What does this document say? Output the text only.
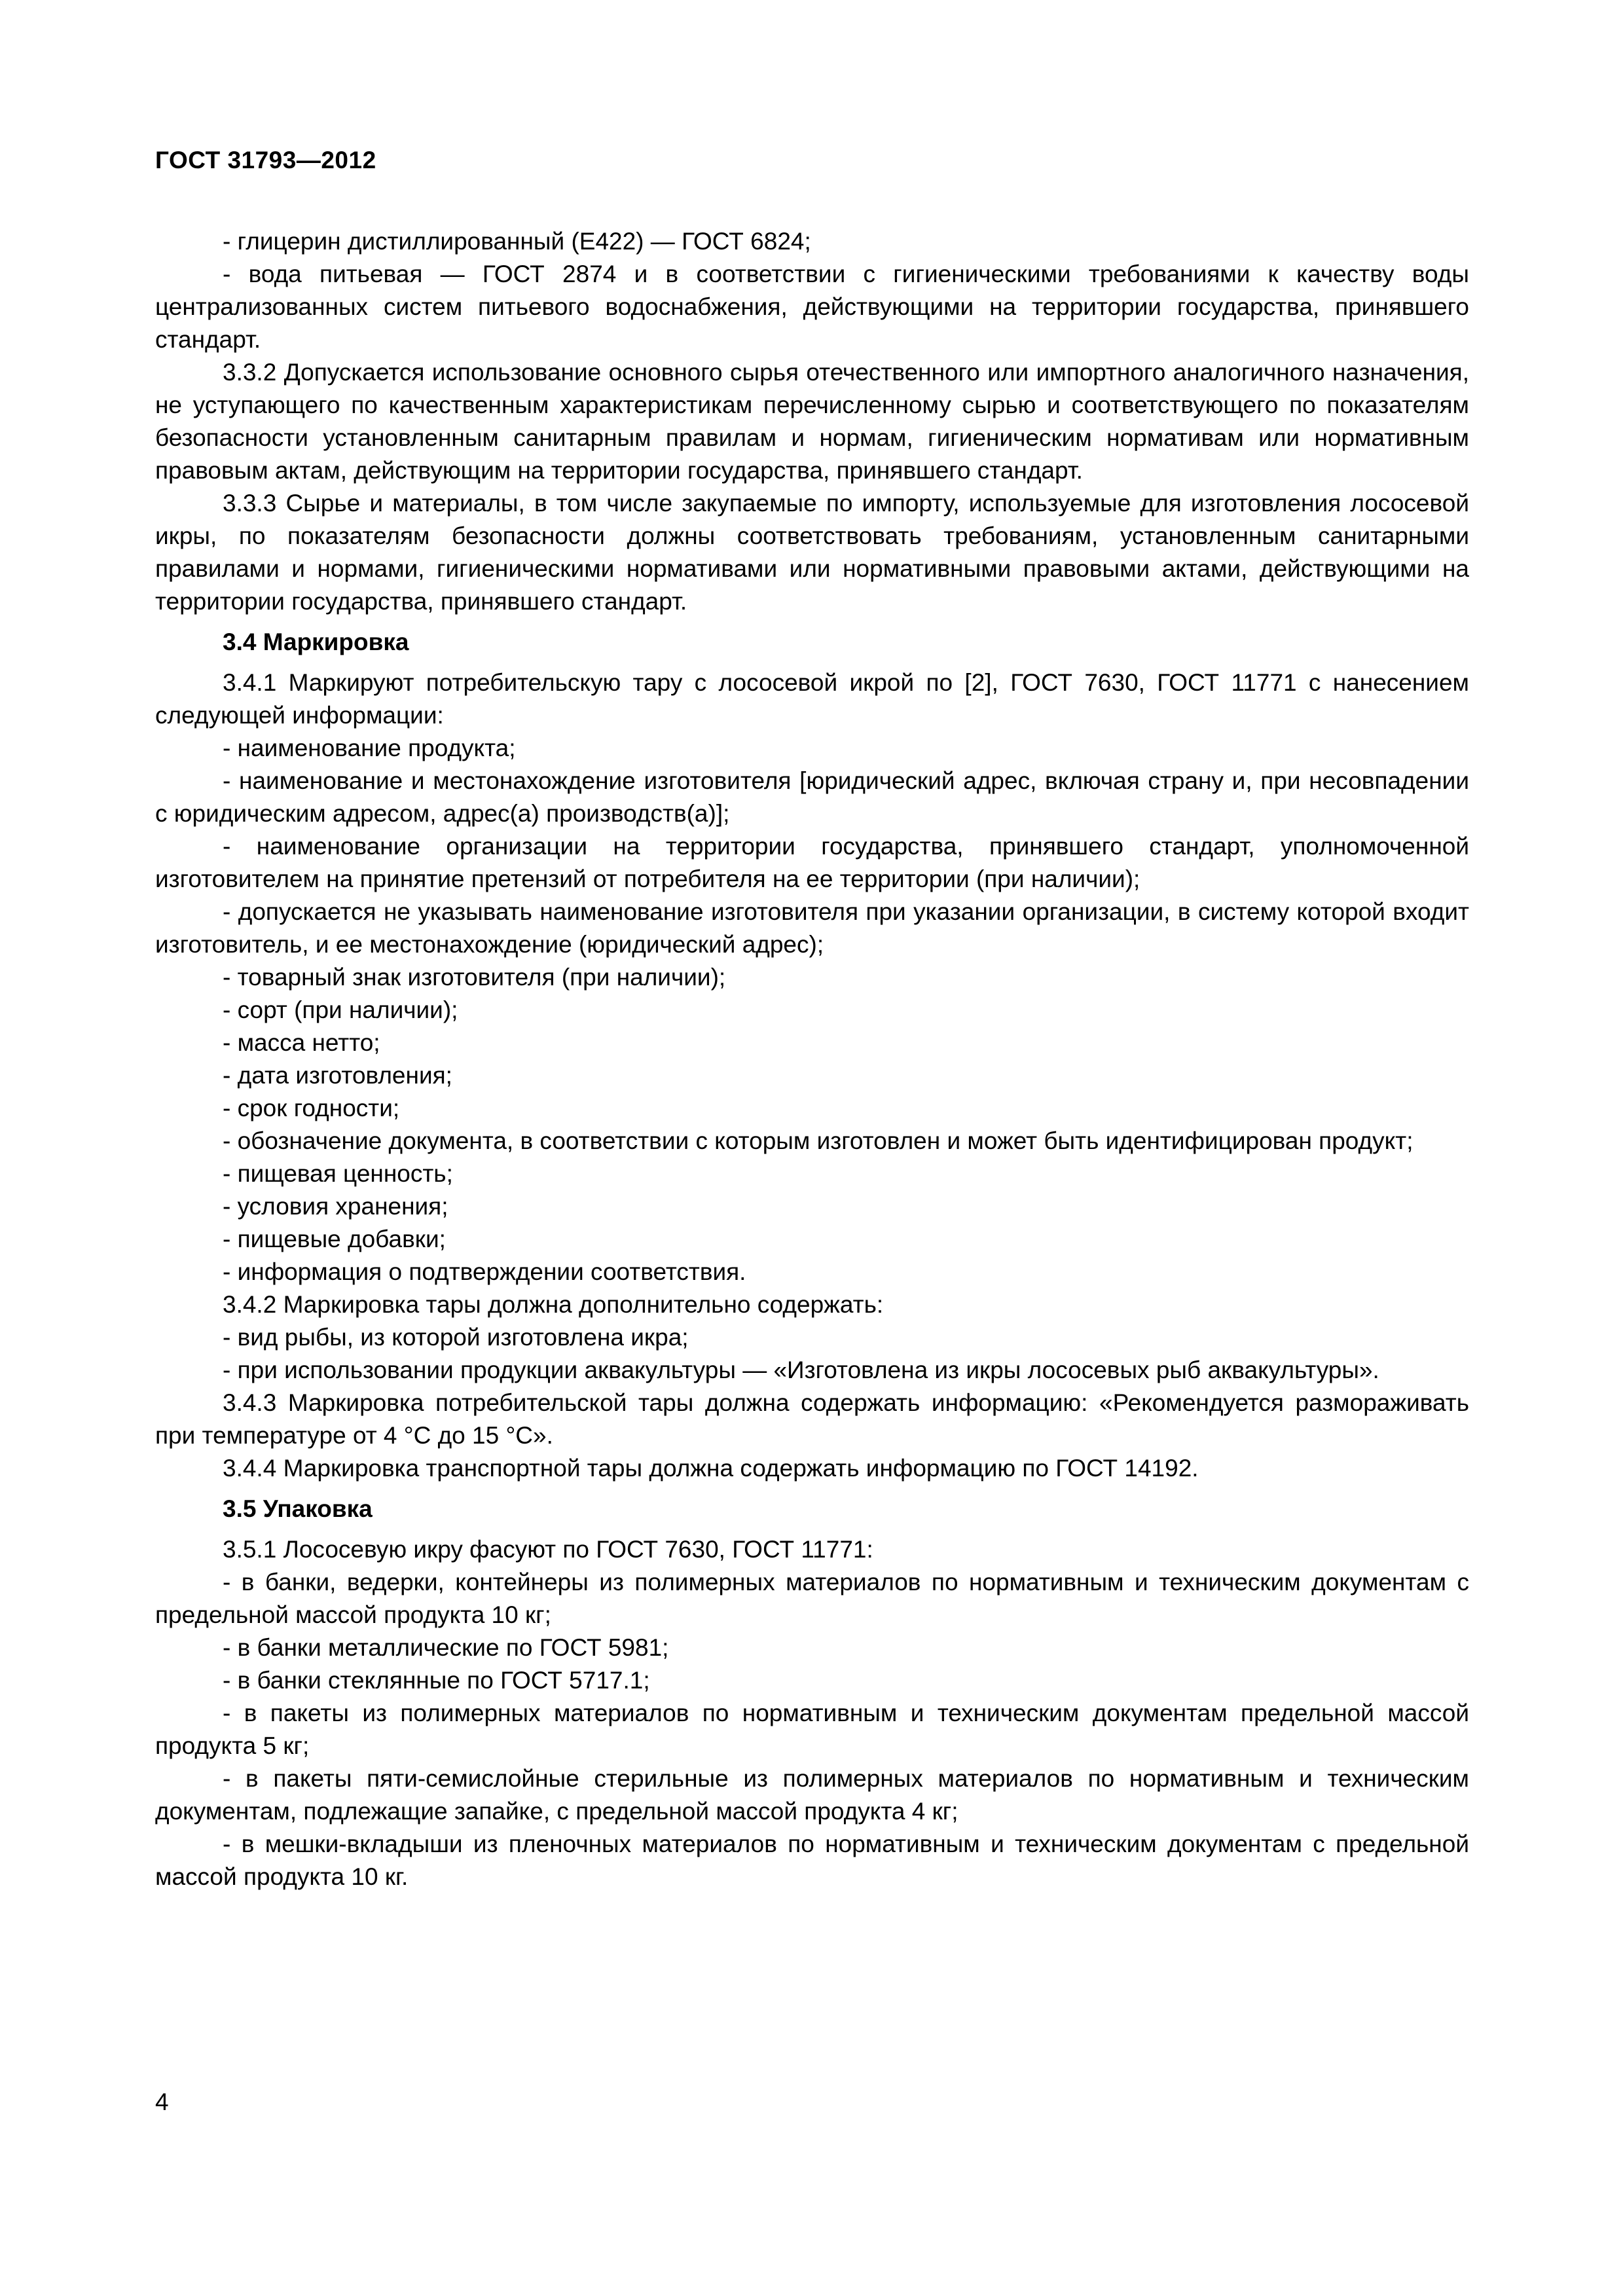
ГОСТ 31793—2012

- глицерин дистиллированный (Е422) — ГОСТ 6824;

- вода питьевая — ГОСТ 2874 и в соответствии с гигиеническими требованиями к качеству воды централизованных систем питьевого водоснабжения, действующими на территории государства, принявшего стандарт.

3.3.2 Допускается использование основного сырья отечественного или импортного аналогичного назначения, не уступающего по качественным характеристикам перечисленному сырью и соответствующего по показателям безопасности установленным санитарным правилам и нормам, гигиеническим нормативам или нормативным правовым актам, действующим на территории государства, принявшего стандарт.

3.3.3 Сырье и материалы, в том числе закупаемые по импорту, используемые для изготовления лососевой икры, по показателям безопасности должны соответствовать требованиям, установленным санитарными правилами и нормами, гигиеническими нормативами или нормативными правовыми актами, действующими на территории государства, принявшего стандарт.

3.4 Маркировка

3.4.1 Маркируют потребительскую тару с лососевой икрой по [2], ГОСТ 7630, ГОСТ 11771 с нанесением следующей информации:

- наименование продукта;

- наименование и местонахождение изготовителя [юридический адрес, включая страну и, при несовпадении с юридическим адресом, адрес(а) производств(а)];

- наименование организации на территории государства, принявшего стандарт, уполномоченной изготовителем на принятие претензий от потребителя на ее территории (при наличии);

- допускается не указывать наименование изготовителя при указании организации, в систему которой входит изготовитель, и ее местонахождение (юридический адрес);

- товарный знак изготовителя (при наличии);

- сорт (при наличии);

- масса нетто;

- дата изготовления;

- срок годности;

- обозначение документа, в соответствии с которым изготовлен и может быть идентифицирован продукт;

- пищевая ценность;

- условия хранения;

- пищевые добавки;

- информация о подтверждении соответствия.

3.4.2 Маркировка тары должна дополнительно содержать:

- вид рыбы, из которой изготовлена икра;

- при использовании продукции аквакультуры — «Изготовлена из икры лососевых рыб аквакультуры».

3.4.3 Маркировка потребительской тары должна содержать информацию: «Рекомендуется размораживать при температуре от 4 °С до 15 °С».

3.4.4 Маркировка транспортной тары должна содержать информацию по ГОСТ 14192.

3.5 Упаковка

3.5.1 Лососевую икру фасуют по ГОСТ 7630, ГОСТ 11771:

- в банки, ведерки, контейнеры из полимерных материалов по нормативным и техническим документам с предельной массой продукта 10 кг;

- в банки металлические по ГОСТ 5981;

- в банки стеклянные по ГОСТ 5717.1;

- в пакеты из полимерных материалов по нормативным и техническим документам предельной массой продукта 5 кг;

- в пакеты пяти-семислойные стерильные из полимерных материалов по нормативным и техническим документам, подлежащие запайке, с предельной массой продукта 4 кг;

- в мешки-вкладыши из пленочных материалов по нормативным и техническим документам с предельной массой продукта 10 кг.

4
